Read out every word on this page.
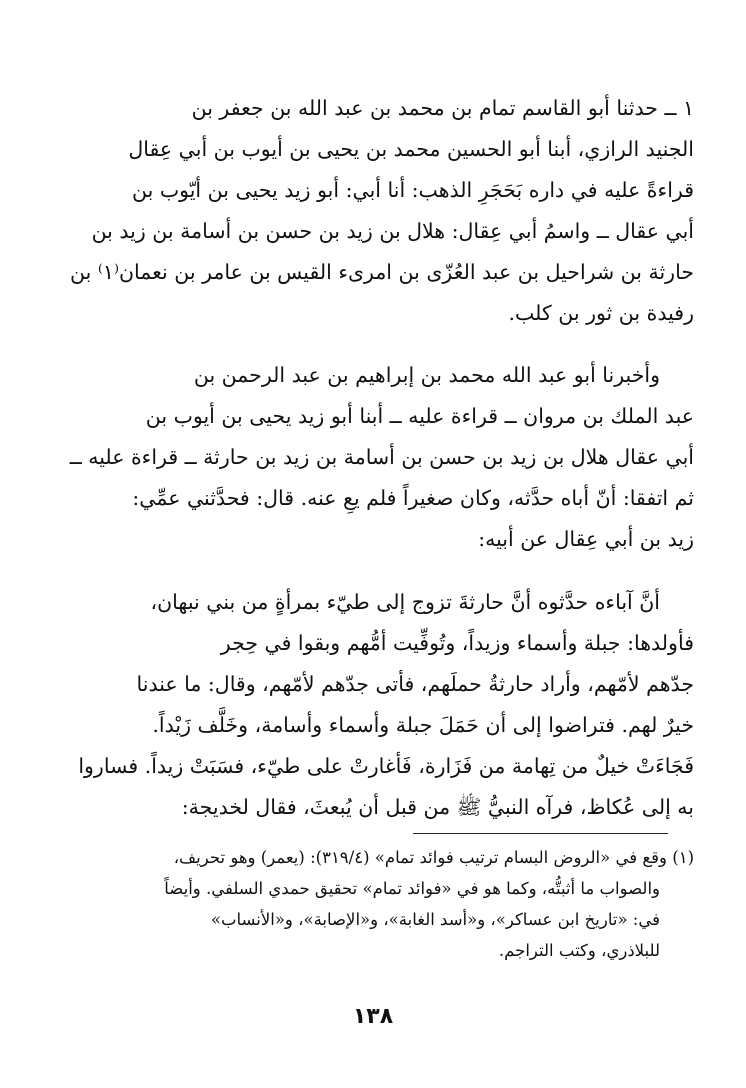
١ ــ حدثنا أبو القاسم تمام بن محمد بن عبد الله بن جعفر بن

الجنيد الرازي، أبنا أبو الحسين محمد بن يحيى بن أيوب بن أبي عِقال

قراءةً عليه في داره بَحَجَرِ الذهب: أنا أبي: أبو زيد يحيى بن أيّوب بن

أبي عقال ــ واسمُ أبي عِقال: هلال بن زيد بن حسن بن أسامة بن زيد بن

حارثة بن شراحيل بن عبد العُزّى بن امرىء القيس بن عامر بن نعمان⁽١⁾ بن

رفيدة بن ثور بن كلب.

وأخبرنا أبو عبد الله محمد بن إبراهيم بن عبد الرحمن بن

عبد الملك بن مروان ــ قراءة عليه ــ أبنا أبو زيد يحيى بن أيوب بن

أبي عقال هلال بن زيد بن حسن بن أسامة بن زيد بن حارثة ــ قراءة عليه ــ

ثم اتفقا: أنّ أباه حدَّثه، وكان صغيراً فلم يعِ عنه. قال: فحدَّثني عمِّي:

زيد بن أبي عِقال عن أبيه:

أنَّ آباءه حدَّثوه أنَّ حارثةَ تزوج إلى طيّء بمرأةٍ من بني نبهان،

فأولدها: جبلة وأسماء وزيداً، وتُوفِّيت أمُّهم وبقوا في حِجر

جدّهم لأمّهم، وأراد حارثةُ حملَهم، فأتى جدّهم لأمّهم، وقال: ما عندنا

خيرٌ لهم. فتراضوا إلى أن حَمَلَ جبلة وأسماء وأسامة، وخَلَّف زَيْداً.

فَجَاءَتْ خيلٌ من تِهامة من فَزَارة، فَأغارتْ على طيّء، فسَبَتْ زيداً. فساروا

به إلى عُكاظ، فرآه النبيُّ ﷺ من قبل أن يُبعثَ، فقال لخديجة:

(١) وقع في «الروض البسام ترتيب فوائد تمام» (٣١٩/٤): (يعمر) وهو تحريف،

والصواب ما أثبتُّه، وكما هو في «فوائد تمام» تحقيق حمدي السلفي. وأيضاً

في: «تاريخ ابن عساكر»، و«أسد الغابة»، و«الإصابة»، و«الأنساب»

للبلاذري، وكتب التراجم.

١٣٨
